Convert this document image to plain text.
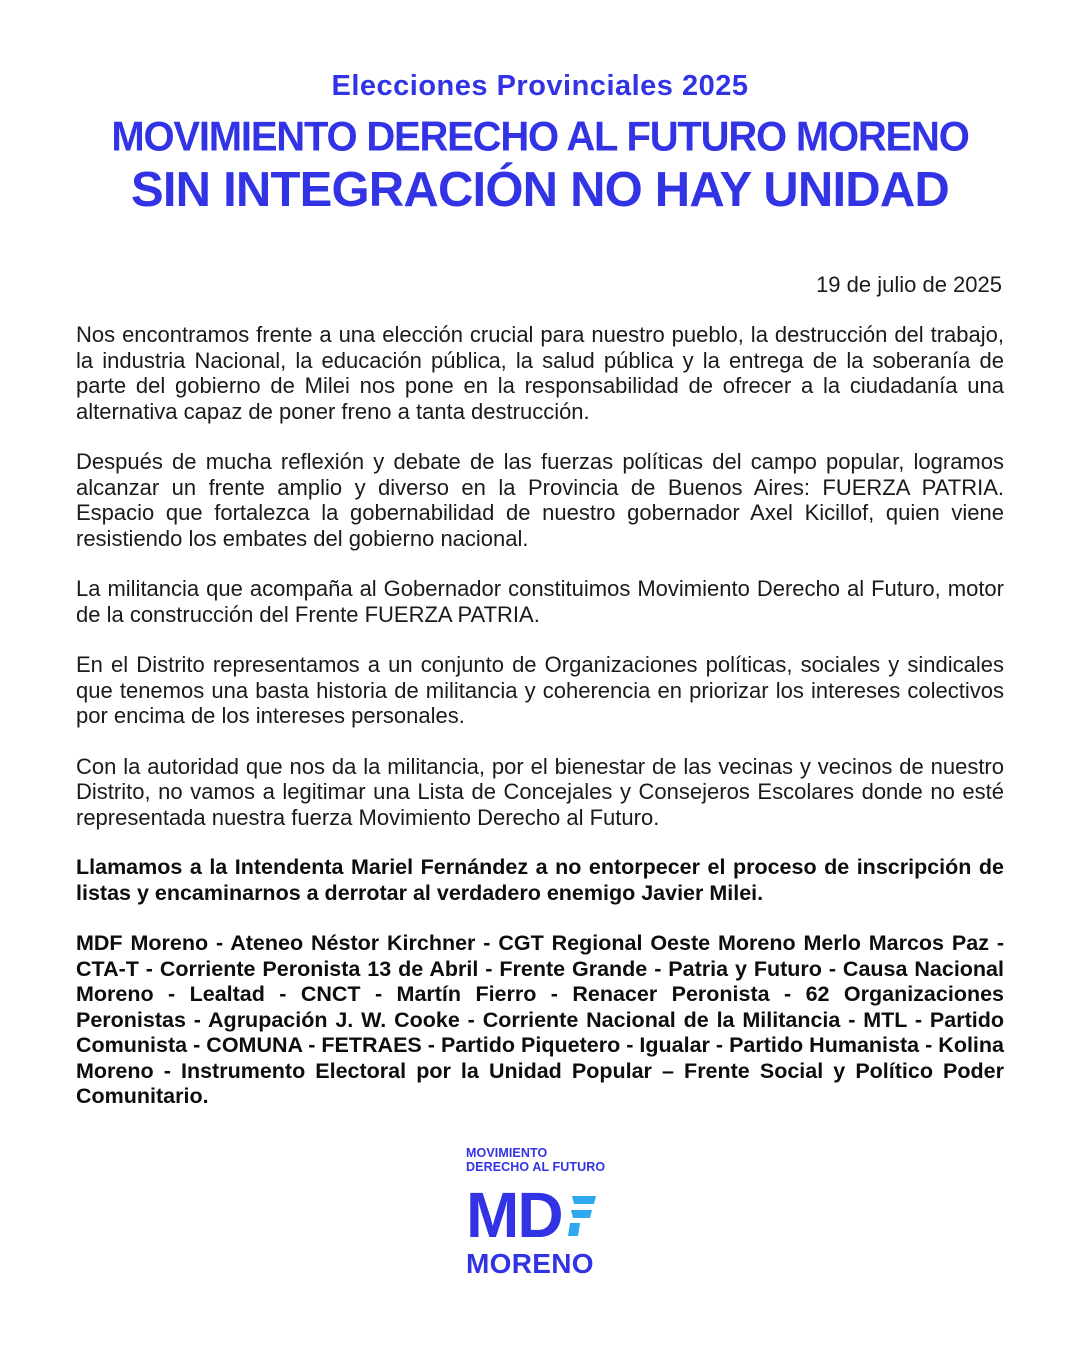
Elecciones Provinciales 2025
MOVIMIENTO DERECHO AL FUTURO MORENO
SIN INTEGRACIÓN NO HAY UNIDAD
19 de julio de 2025

Nos encontramos frente a una elección crucial para nuestro pueblo, la destrucción del trabajo, la industria Nacional, la educación pública, la salud pública y la entrega de la soberanía de parte del gobierno de Milei nos pone en la responsabilidad de ofrecer a la ciudadanía una alternativa capaz de poner freno a tanta destrucción.

Después de mucha reflexión y debate de las fuerzas políticas del campo popular, logramos alcanzar un frente amplio y diverso en la Provincia de Buenos Aires: FUERZA PATRIA. Espacio que fortalezca la gobernabilidad de nuestro gobernador Axel Kicillof, quien viene resistiendo los embates del gobierno nacional.

La militancia que acompaña al Gobernador constituimos Movimiento Derecho al Futuro, motor de la construcción del Frente FUERZA PATRIA.

En el Distrito representamos a un conjunto de Organizaciones políticas, sociales y sindicales que tenemos una basta historia de militancia y coherencia en priorizar los intereses colectivos por encima de los intereses personales.

Con la autoridad que nos da la militancia, por el bienestar de las vecinas y vecinos de nuestro Distrito, no vamos a legitimar una Lista de Concejales y Consejeros Escolares donde no esté representada nuestra fuerza Movimiento Derecho al Futuro.

Llamamos a la Intendenta Mariel Fernández a no entorpecer el proceso de inscripción de listas y encaminarnos a derrotar al verdadero enemigo Javier Milei.

MDF Moreno - Ateneo Néstor Kirchner - CGT Regional Oeste Moreno Merlo Marcos Paz - CTA-T - Corriente Peronista 13 de Abril - Frente Grande - Patria y Futuro - Causa Nacional Moreno - Lealtad - CNCT - Martín Fierro - Renacer Peronista - 62 Organizaciones Peronistas - Agrupación J. W. Cooke - Corriente Nacional de la Militancia - MTL - Partido Comunista - COMUNA - FETRAES - Partido Piquetero - Igualar - Partido Humanista - Kolina Moreno - Instrumento Electoral por la Unidad Popular – Frente Social y Político Poder Comunitario.

MOVIMIENTO
DERECHO AL FUTURO
MD
MORENO
